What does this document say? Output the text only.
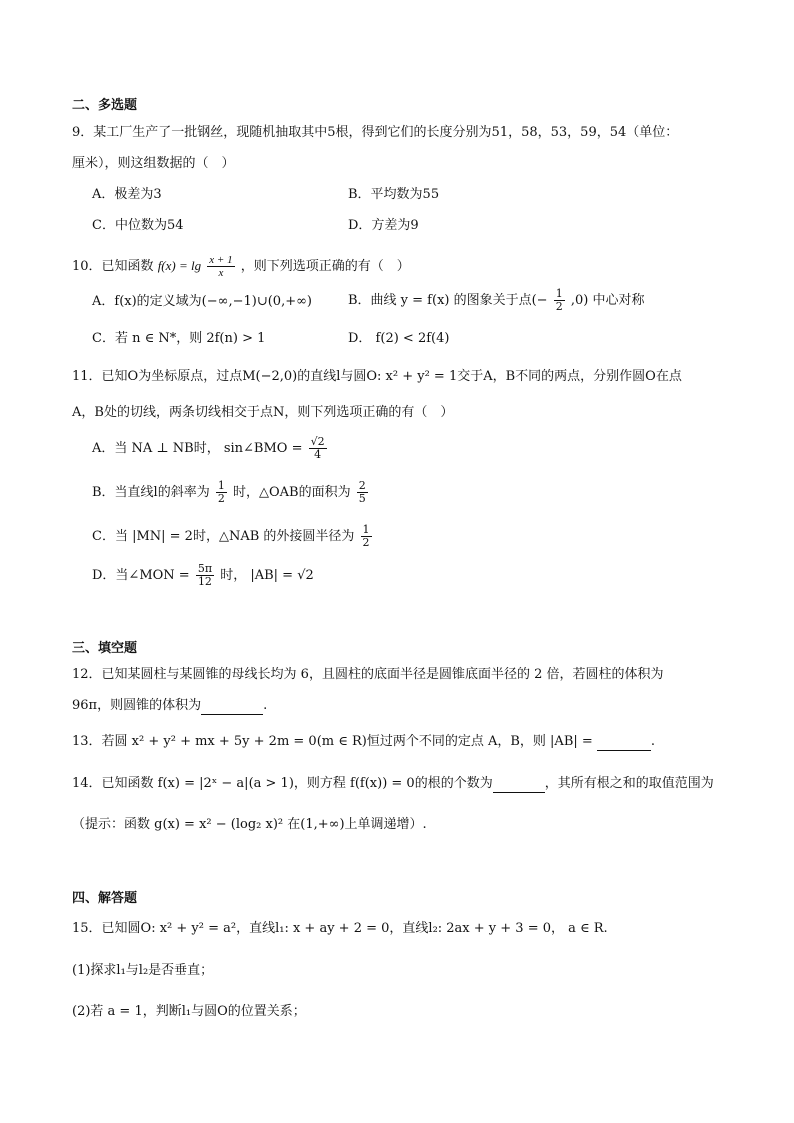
二、多选题
9．某工厂生产了一批钢丝，现随机抽取其中5根，得到它们的长度分别为51，58，53，59，54（单位：
厘米），则这组数据的（　）
A．极差为3	B．平均数为55
C．中位数为54	D．方差为9
10．已知函数 $f(x) = \lg \frac{x + 1}{x}$ ，则下列选项正确的有（　）
A．f(x)的定义域为(−∞,−1)∪(0,+∞)	B．曲线 y = f(x) 的图象关于点(− $\frac{1}{2} ,0$) 中心对称
C．若 n ∈ N*，则 2f(n) > 1	D． f(2) < 2f(4)
11．已知O为坐标原点，过点M(−2,0)的直线l与圆O: x² + y² = 1交于A，B不同的两点，分别作圆O在点
A，B处的切线，两条切线相交于点N，则下列选项正确的有（　）
A．当 NA ⊥ NB时， sin∠BMO = $\frac{√2}{4}$
B．当直线l的斜率为 $\frac{1}{2}$ 时，△OAB的面积为 $\frac{2}{5}$
C．当 |MN| = 2时，△NAB 的外接圆半径为 $\frac{1}{2}$
D．当∠MON = $\frac{5\pi}{12}$ 时， |AB| = √2
三、填空题
12．已知某圆柱与某圆锥的母线长均为 6，且圆柱的底面半径是圆锥底面半径的 2 倍，若圆柱的体积为
96π，则圆锥的体积为	.
13．若圆 x² + y² + mx + 5y + 2m = 0(m ∈ R)恒过两个不同的定点 A，B，则 |AB| =	.
14．已知函数 f(x) = |2ˣ − a|(a > 1)，则方程 f(f(x)) = 0的根的个数为	，其所有根之和的取值范围为
（提示：函数 g(x) = x² − (log₂ x)² 在(1,+∞)上单调递增）.
四、解答题
15．已知圆O: x² + y² = a²，直线l₁: x + ay + 2 = 0，直线l₂: 2ax + y + 3 = 0， a ∈ R.
(1)探求l₁与l₂是否垂直；
(2)若 a = 1，判断l₁与圆O的位置关系；
